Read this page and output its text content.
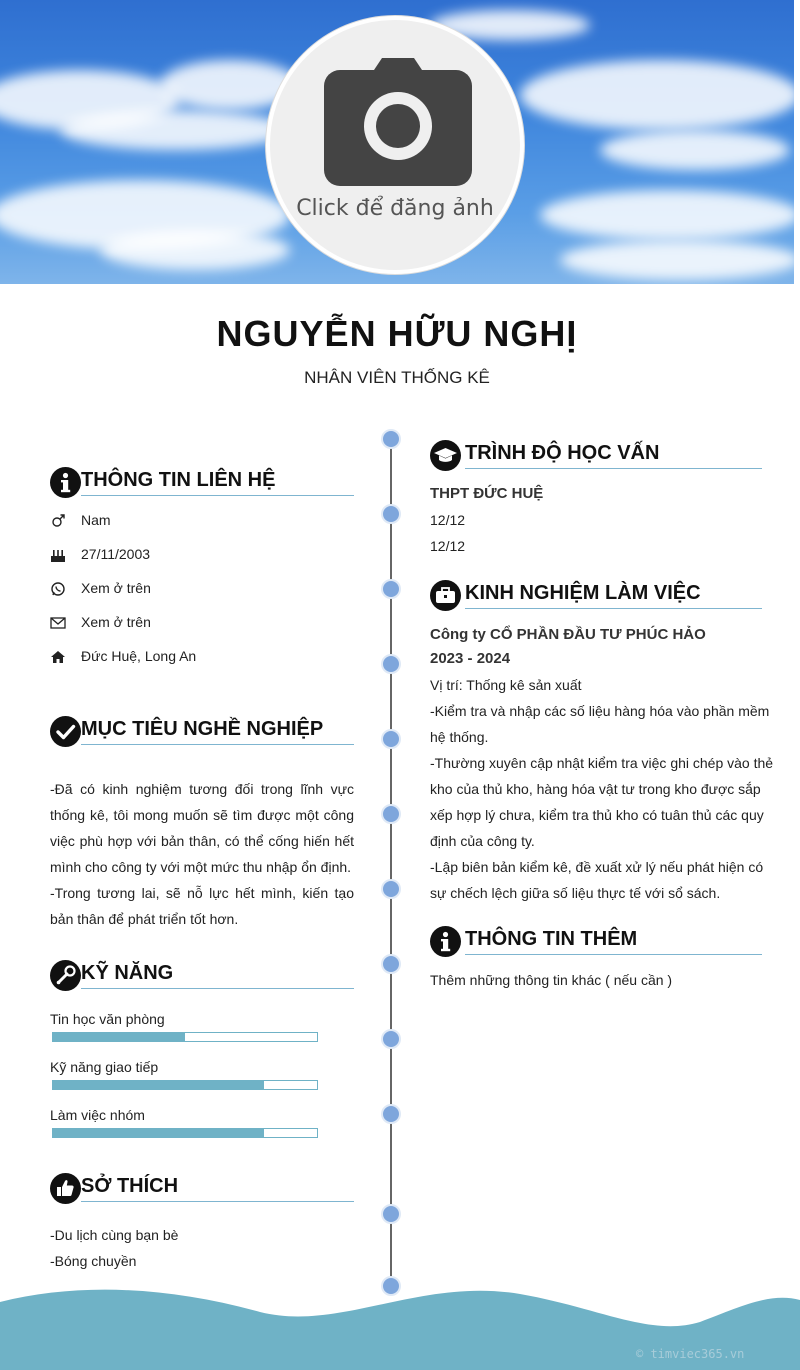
Click để đăng ảnh
NGUYỄN HỮU NGHỊ
NHÂN VIÊN THỐNG KÊ
THÔNG TIN LIÊN HỆ
Nam
27/11/2003
Xem ở trên
Xem ở trên
Đức Huệ, Long An
MỤC TIÊU NGHỀ NGHIỆP
-Đã có kinh nghiệm tương đối trong lĩnh vực thống kê, tôi mong muốn sẽ tìm được một công việc phù hợp với bản thân, có thể cống hiến hết mình cho công ty với một mức thu nhập ổn định.
-Trong tương lai, sẽ nỗ lực hết mình, kiến tạo bản thân để phát triển tốt hơn.
KỸ NĂNG
Tin học văn phòng
Kỹ năng giao tiếp
Làm việc nhóm
SỞ THÍCH
-Du lịch cùng bạn bè
-Bóng chuyền
TRÌNH ĐỘ HỌC VẤN
THPT ĐỨC HUỆ
12/12
12/12
KINH NGHIỆM LÀM VIỆC
Công ty CỔ PHẦN ĐẦU TƯ PHÚC HẢO
2023 - 2024
Vị trí: Thống kê sản xuất
-Kiểm tra và nhập các số liệu hàng hóa vào phần mềm hệ thống.
-Thường xuyên cập nhật kiểm tra việc ghi chép vào thẻ kho của thủ kho, hàng hóa vật tư trong kho được sắp xếp hợp lý chưa, kiểm tra thủ kho có tuân thủ các quy định của công ty.
-Lập biên bản kiểm kê, đề xuất xử lý nếu phát hiện có sự chếch lệch giữa số liệu thực tế với sổ sách.
THÔNG TIN THÊM
Thêm những thông tin khác ( nếu cần )
© timviec365.vn
